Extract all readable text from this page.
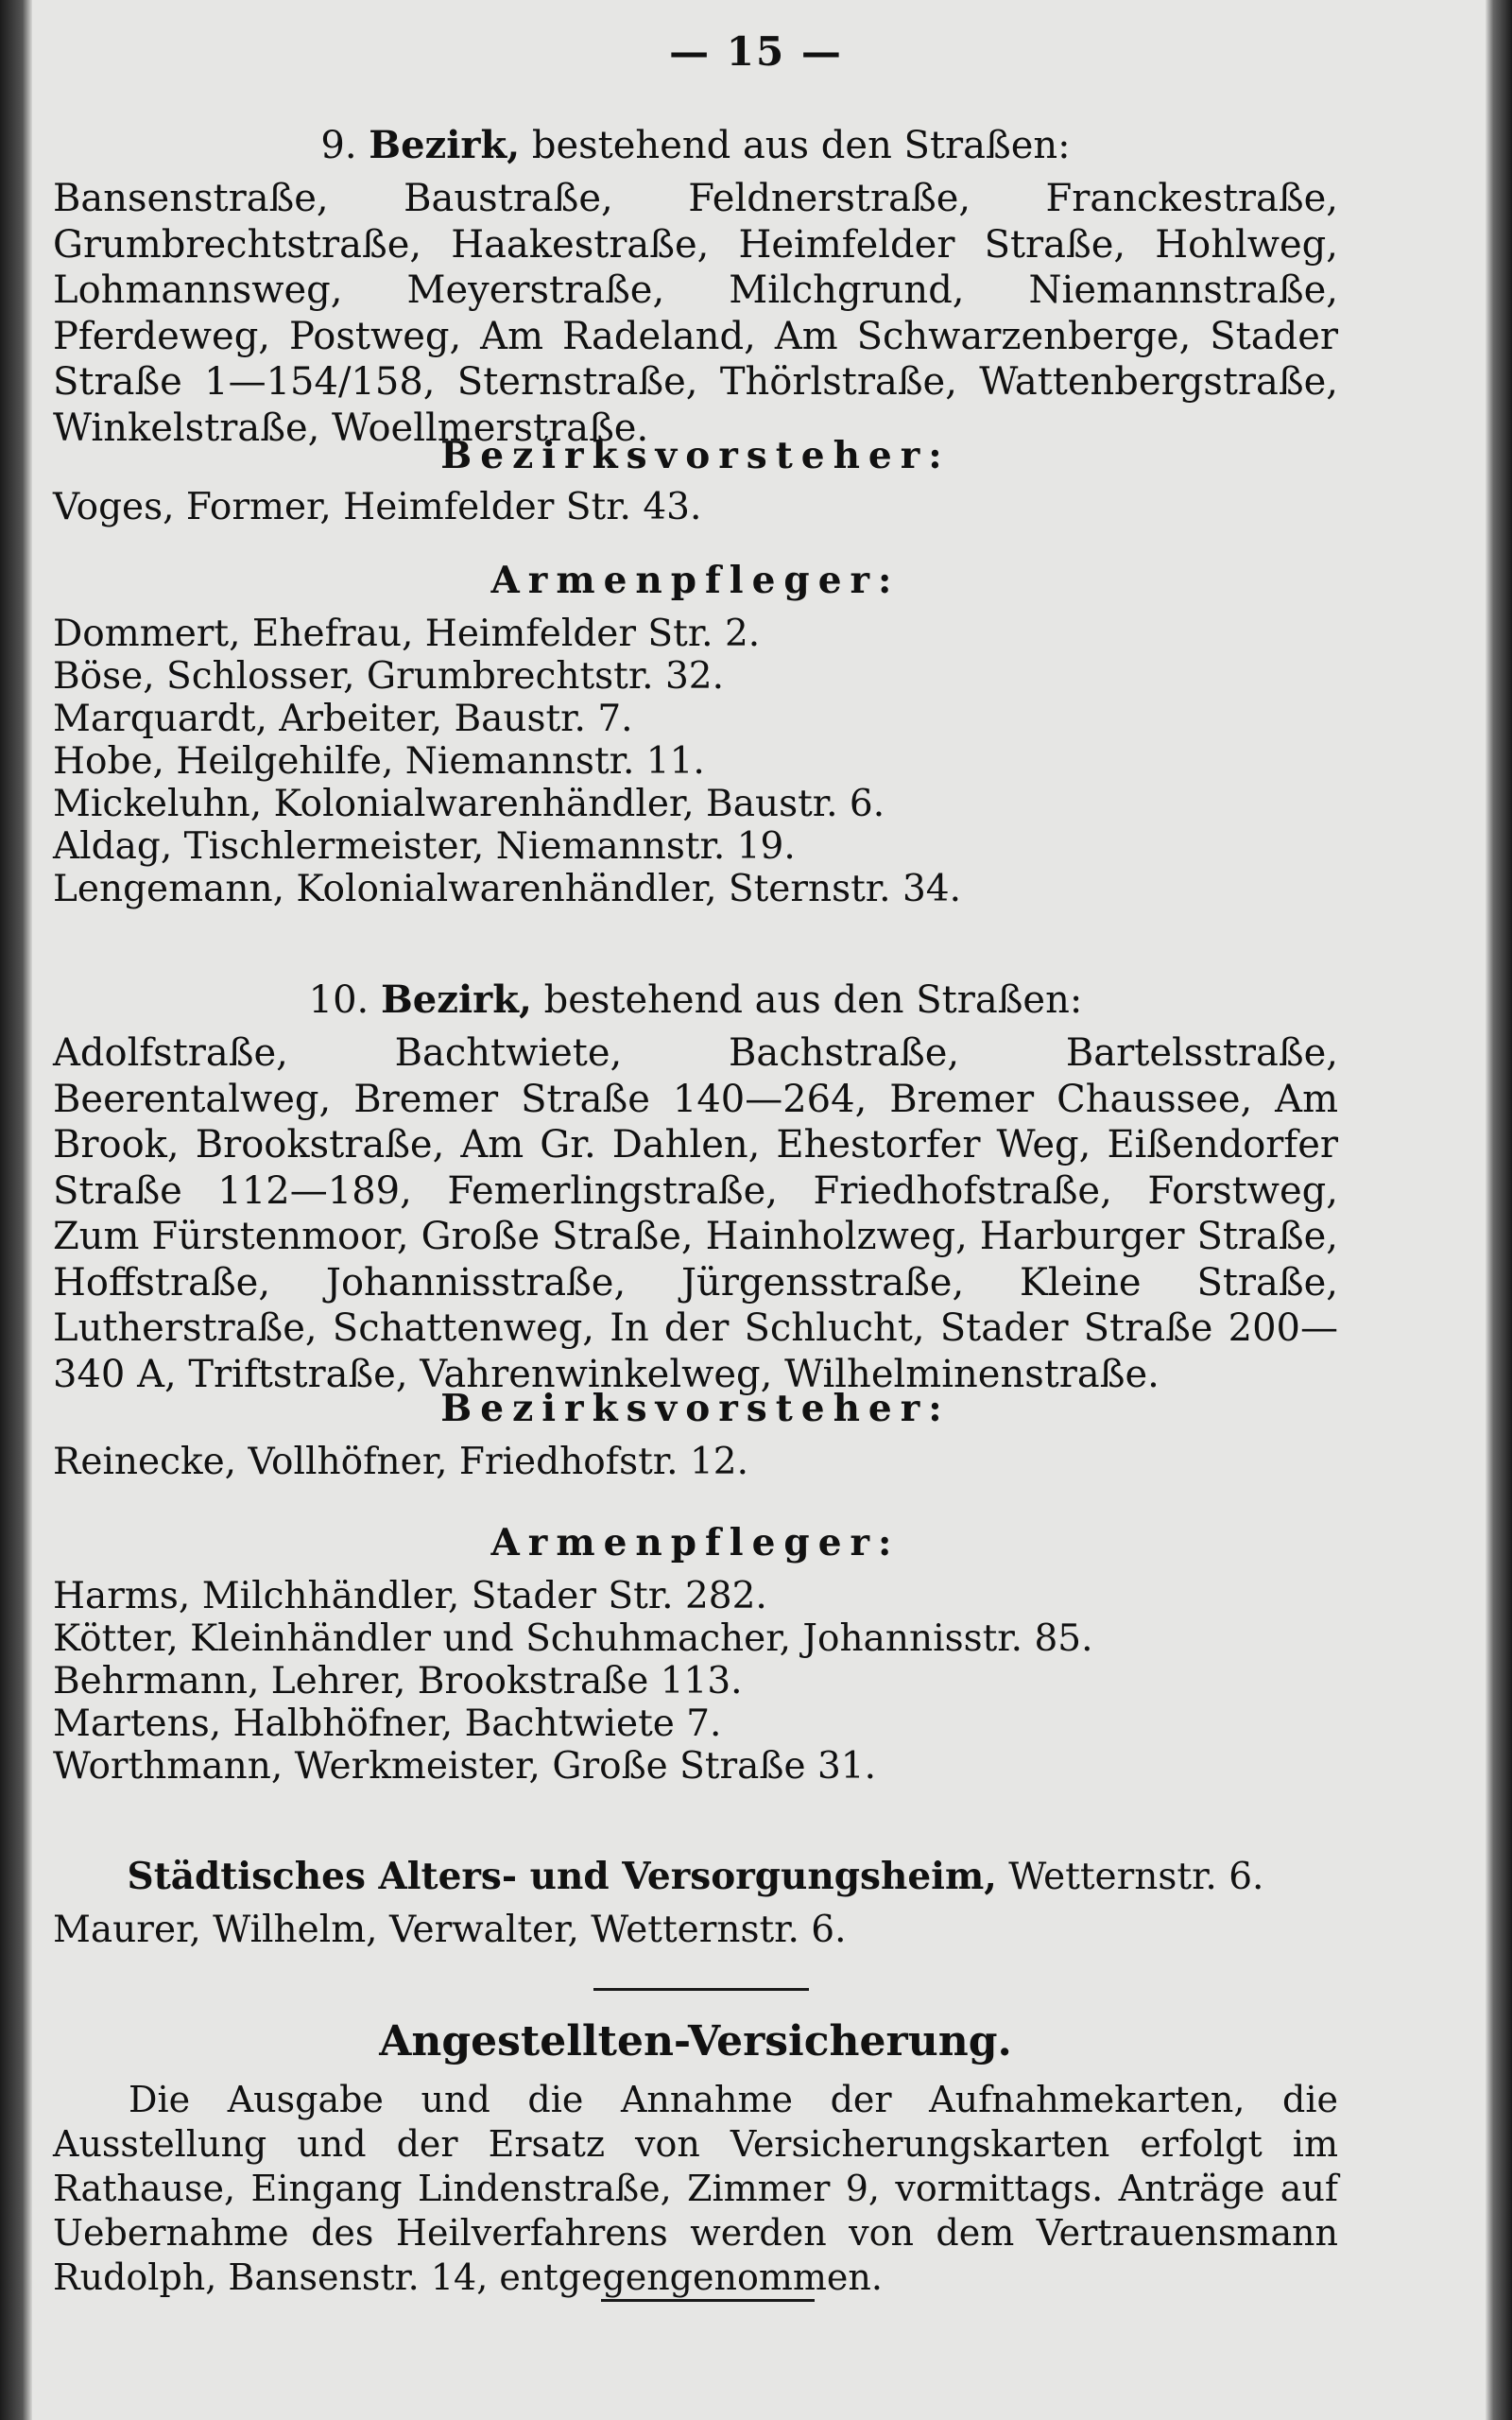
— 15 —
9. Bezirk, bestehend aus den Straßen:
Bansenstraße, Baustraße, Feldnerstraße, Franckestraße, Grumbrechtstraße, Haakestraße, Heimfelder Straße, Hohlweg, Lohmannsweg, Meyerstraße, Milchgrund, Niemannstraße, Pferdeweg, Postweg, Am Radeland, Am Schwarzenberge, Stader Straße 1—154/158, Sternstraße, Thörlstraße, Wattenbergstraße, Winkelstraße, Woellmerstraße.
Bezirksvorsteher:
Voges, Former, Heimfelder Str. 43.
Armenpfleger:
Dommert, Ehefrau, Heimfelder Str. 2.
Böse, Schlosser, Grumbrechtstr. 32.
Marquardt, Arbeiter, Baustr. 7.
Hobe, Heilgehilfe, Niemannstr. 11.
Mickeluhn, Kolonialwarenhändler, Baustr. 6.
Aldag, Tischlermeister, Niemannstr. 19.
Lengemann, Kolonialwarenhändler, Sternstr. 34.
10. Bezirk, bestehend aus den Straßen:
Adolfstraße, Bachtwiete, Bachstraße, Bartelsstraße, Beerentalweg, Bremer Straße 140—264, Bremer Chaussee, Am Brook, Brookstraße, Am Gr. Dahlen, Ehestorfer Weg, Eißendorfer Straße 112—189, Femerlingstraße, Friedhofstraße, Forstweg, Zum Fürstenmoor, Große Straße, Hainholzweg, Harburger Straße, Hoffstraße, Johannisstraße, Jürgensstraße, Kleine Straße, Lutherstraße, Schattenweg, In der Schlucht, Stader Straße 200—340 A, Triftstraße, Vahrenwinkelweg, Wilhelminenstraße.
Bezirksvorsteher:
Reinecke, Vollhöfner, Friedhofstr. 12.
Armenpfleger:
Harms, Milchhändler, Stader Str. 282.
Kötter, Kleinhändler und Schuhmacher, Johannisstr. 85.
Behrmann, Lehrer, Brookstraße 113.
Martens, Halbhöfner, Bachtwiete 7.
Worthmann, Werkmeister, Große Straße 31.
Städtisches Alters- und Versorgungsheim, Wetternstr. 6.
Maurer, Wilhelm, Verwalter, Wetternstr. 6.
Angestellten-Versicherung.
Die Ausgabe und die Annahme der Aufnahmekarten, die Ausstellung und der Ersatz von Versicherungskarten erfolgt im Rathause, Eingang Lindenstraße, Zimmer 9, vormittags. Anträge auf Uebernahme des Heilverfahrens werden von dem Vertrauensmann Rudolph, Bansenstr. 14, entgegengenommen.
